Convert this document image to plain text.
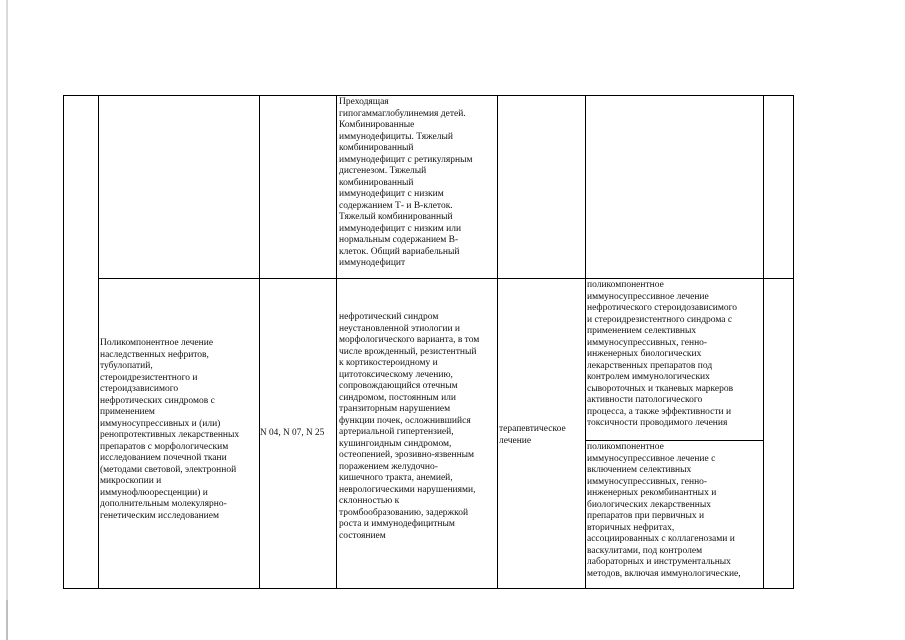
Преходящая
гипогаммаглобулинемия детей.
Комбинированные
иммунодефициты. Тяжелый
комбинированный
иммунодефицит с ретикулярным
дисгенезом. Тяжелый
комбинированный
иммунодефицит с низким
содержанием Т- и В-клеток.
Тяжелый комбинированный
иммунодефицит с низким или
нормальным содержанием В-
клеток. Общий вариабельный
иммунодефицит
Поликомпонентное лечение
наследственных нефритов,
тубулопатий,
стероидрезистентного и
стероидзависимого
нефротических синдромов с
применением
иммуносупрессивных и (или)
ренопротективных лекарственных
препаратов с морфологическим
исследованием почечной ткани
(методами световой, электронной
микроскопии и
иммунофлюоресценции) и
дополнительным молекулярно-
генетическим исследованием
N 04, N 07, N 25
нефротический синдром
неустановленной этиологии и
морфологического варианта, в том
числе врожденный, резистентный
к кортикостероидному и
цитотоксическому лечению,
сопровождающийся отечным
синдромом, постоянным или
транзиторным нарушением
функции почек, осложнившийся
артериальной гипертензией,
кушингоидным синдромом,
остеопенией, эрозивно-язвенным
поражением желудочно-
кишечного тракта, анемией,
неврологическими нарушениями,
склонностью к
тромбообразованию, задержкой
роста и иммунодефицитным
состоянием
терапевтическое
лечение
поликомпонентное
иммуносупрессивное лечение
нефротического стероидозависимого
и стероидрезистентного синдрома с
применением селективных
иммуносупрессивных, генно-
инженерных биологических
лекарственных препаратов под
контролем иммунологических
сывороточных и тканевых маркеров
активности патологического
процесса, а также эффективности и
токсичности проводимого лечения
поликомпонентное
иммуносупрессивное лечение с
включением селективных
иммуносупрессивных, генно-
инженерных рекомбинантных и
биологических лекарственных
препаратов при первичных и
вторичных нефритах,
ассоциированных с коллагенозами и
васкулитами, под контролем
лабораторных и инструментальных
методов, включая иммунологические,
